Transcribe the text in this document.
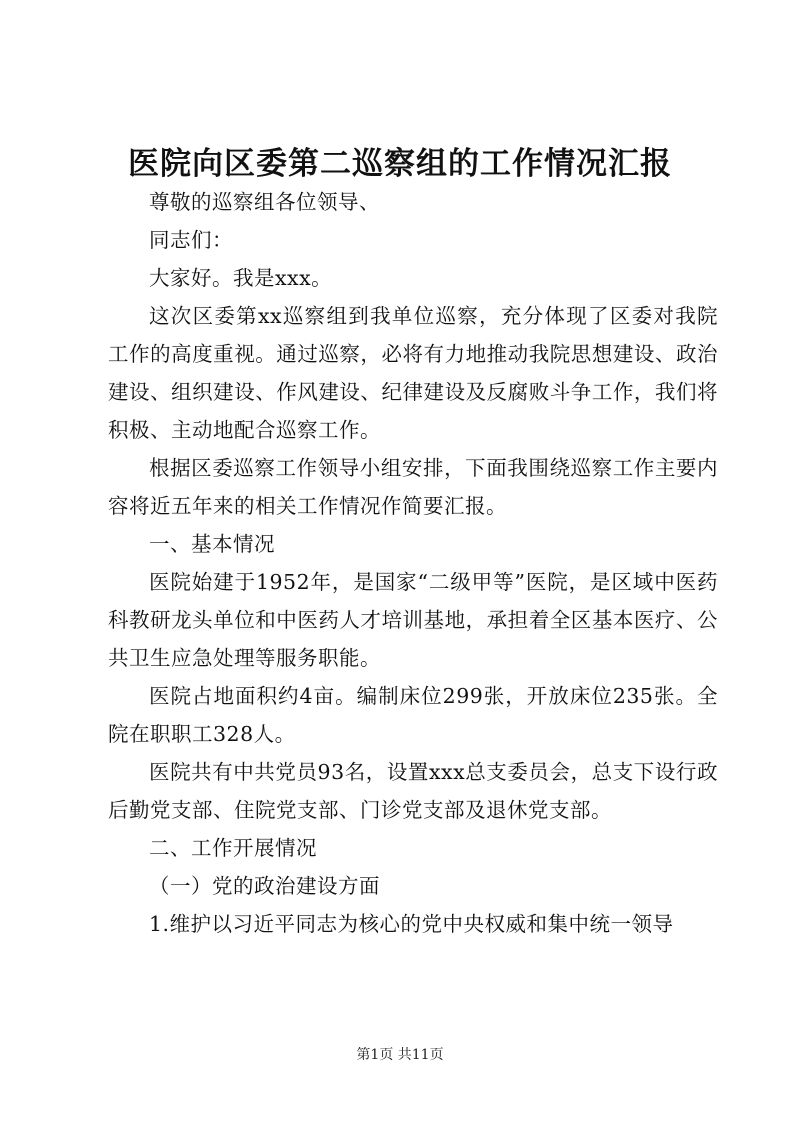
医院向区委第二巡察组的工作情况汇报

尊敬的巡察组各位领导、

同志们：

大家好。我是xxx。

这次区委第xx巡察组到我单位巡察，充分体现了区委对我院工作的高度重视。通过巡察，必将有力地推动我院思想建设、政治建设、组织建设、作风建设、纪律建设及反腐败斗争工作，我们将积极、主动地配合巡察工作。

根据区委巡察工作领导小组安排，下面我围绕巡察工作主要内容将近五年来的相关工作情况作简要汇报。

一、基本情况

医院始建于1952年，是国家“二级甲等”医院，是区域中医药科教研龙头单位和中医药人才培训基地，承担着全区基本医疗、公共卫生应急处理等服务职能。

医院占地面积约4亩。编制床位299张，开放床位235张。全院在职职工328人。

医院共有中共党员93名，设置xxx总支委员会，总支下设行政后勤党支部、住院党支部、门诊党支部及退休党支部。

二、工作开展情况

（一）党的政治建设方面

1.维护以习近平同志为核心的党中央权威和集中统一领导

第1页 共11页
